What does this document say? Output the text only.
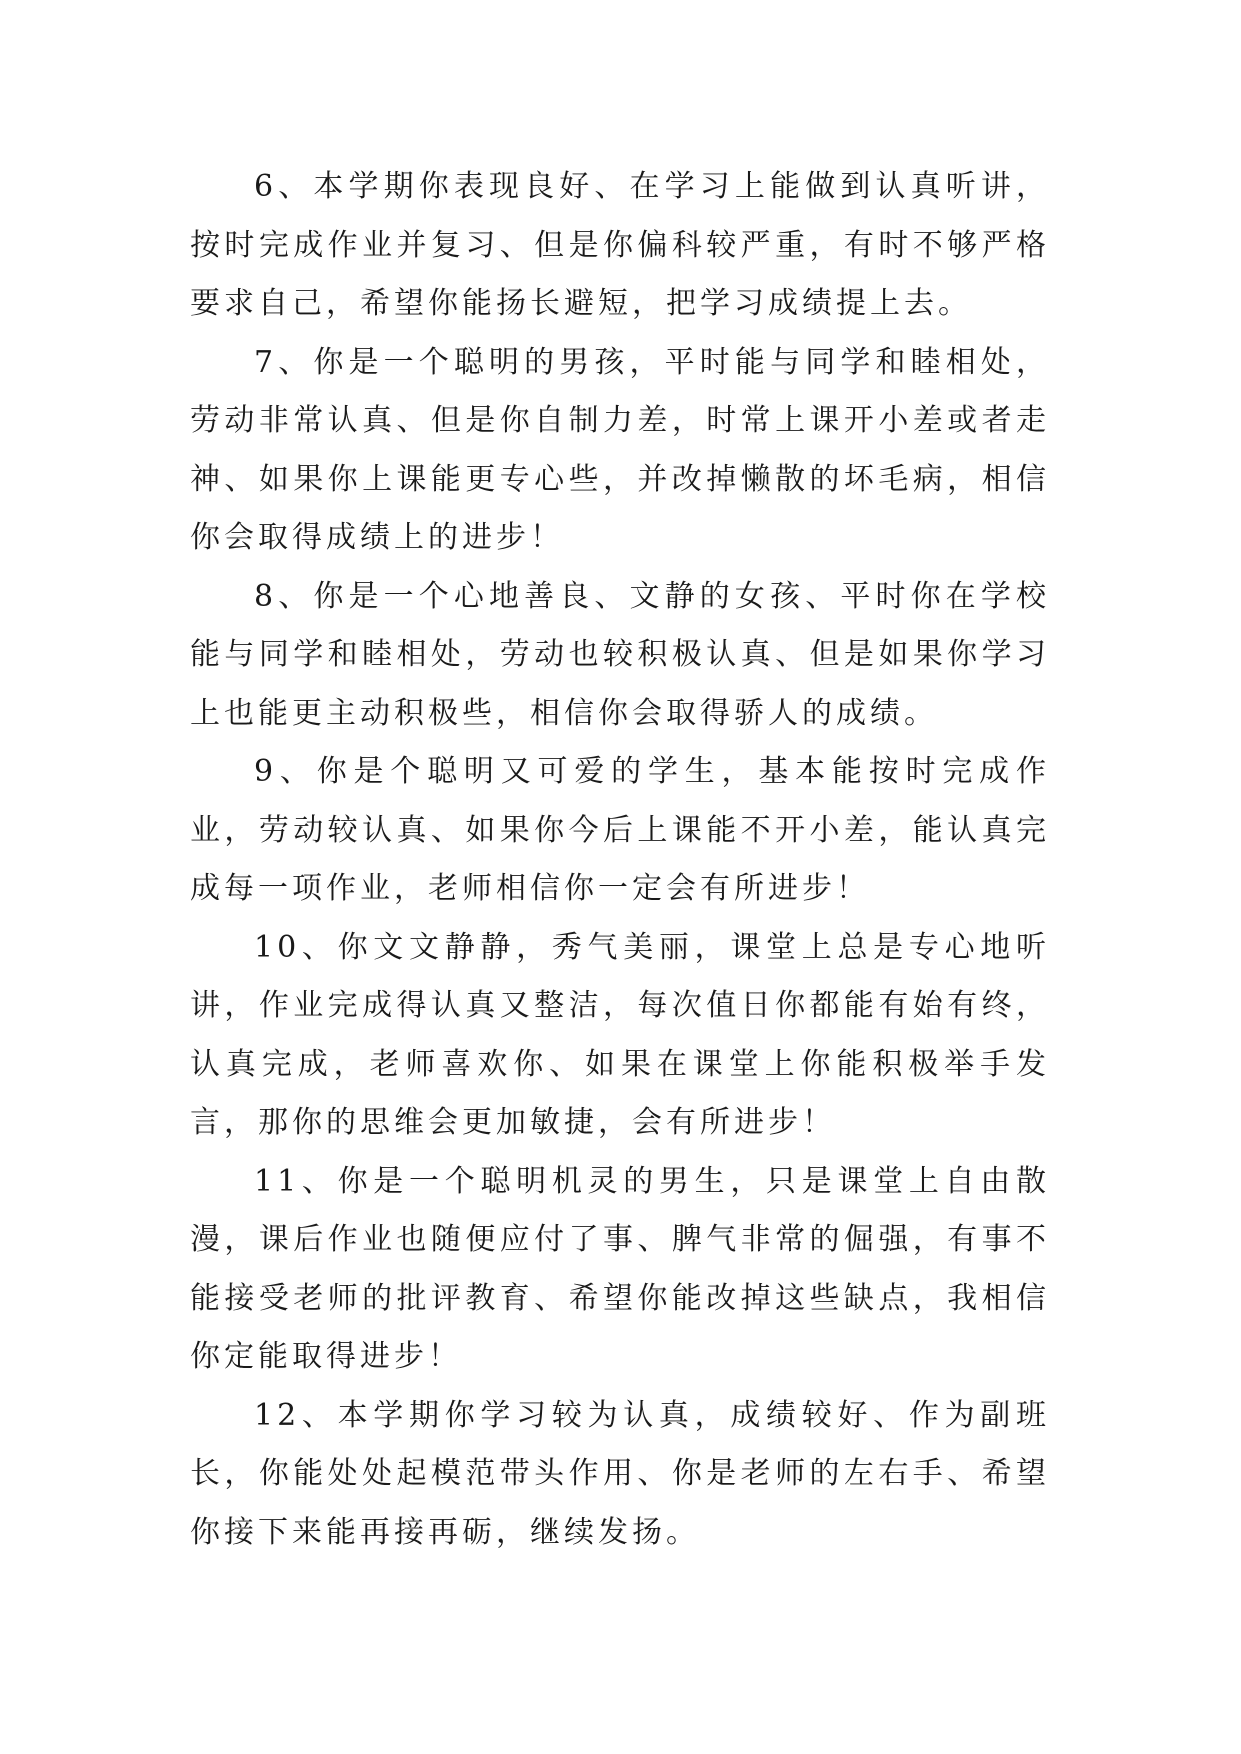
6、本学期你表现良好、在学习上能做到认真听讲，按时完成作业并复习、但是你偏科较严重，有时不够严格要求自己，希望你能扬长避短，把学习成绩提上去。

7、你是一个聪明的男孩，平时能与同学和睦相处，劳动非常认真、但是你自制力差，时常上课开小差或者走神、如果你上课能更专心些，并改掉懒散的坏毛病，相信你会取得成绩上的进步！

8、你是一个心地善良、文静的女孩、平时你在学校能与同学和睦相处，劳动也较积极认真、但是如果你学习上也能更主动积极些，相信你会取得骄人的成绩。

9、你是个聪明又可爱的学生，基本能按时完成作业，劳动较认真、如果你今后上课能不开小差，能认真完成每一项作业，老师相信你一定会有所进步！

10、你文文静静，秀气美丽，课堂上总是专心地听讲，作业完成得认真又整洁，每次值日你都能有始有终，认真完成，老师喜欢你、如果在课堂上你能积极举手发言，那你的思维会更加敏捷，会有所进步！

11、你是一个聪明机灵的男生，只是课堂上自由散漫，课后作业也随便应付了事、脾气非常的倔强，有事不能接受老师的批评教育、希望你能改掉这些缺点，我相信你定能取得进步！

12、本学期你学习较为认真，成绩较好、作为副班长，你能处处起模范带头作用、你是老师的左右手、希望你接下来能再接再砺，继续发扬。
